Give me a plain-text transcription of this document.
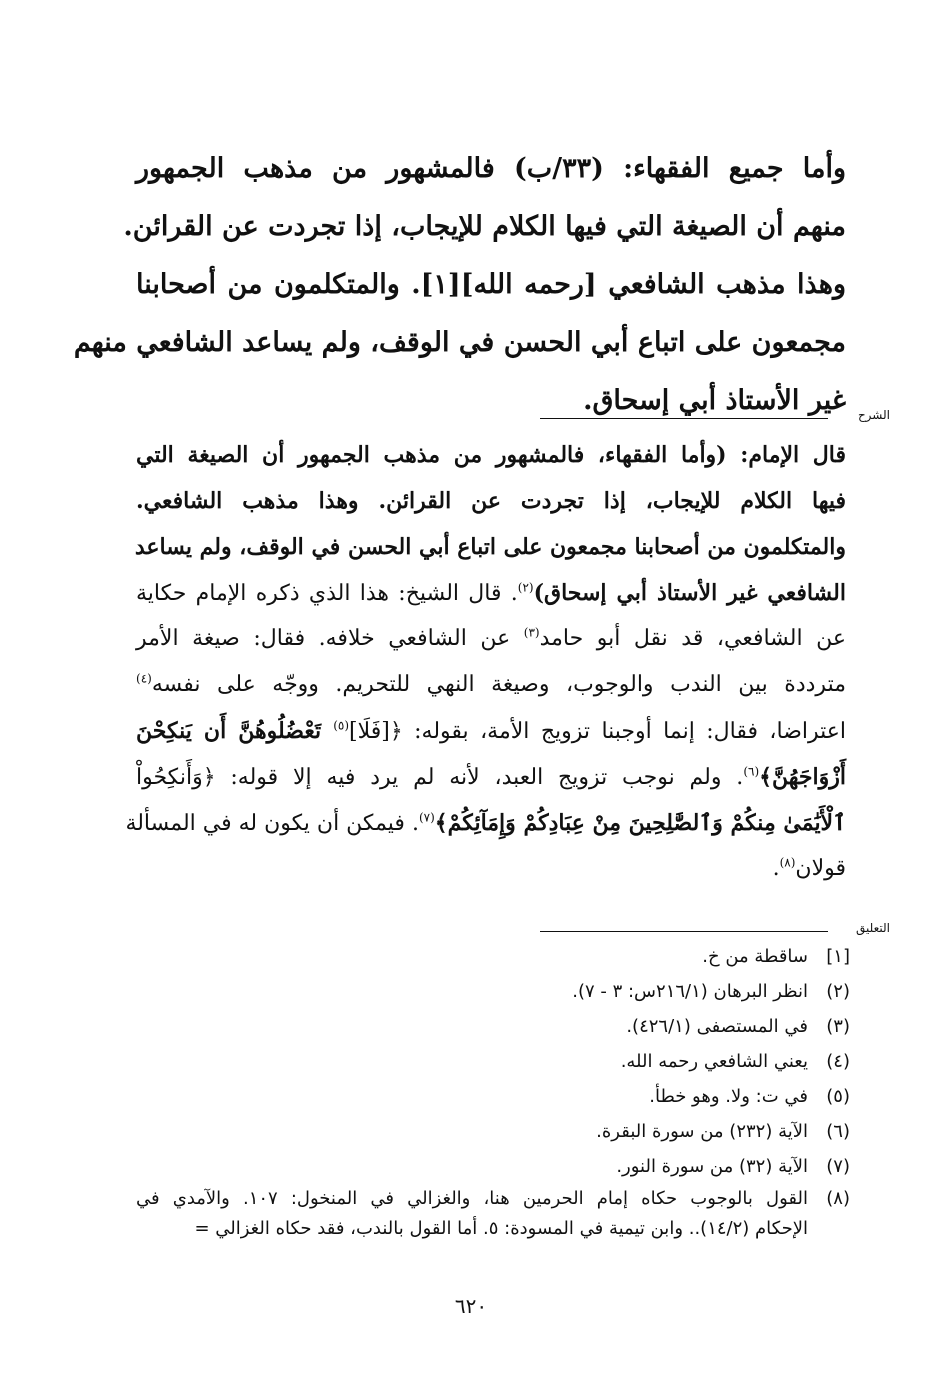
وأما جميع الفقهاء: (٣٣/ب) فالمشهور من مذهب الجمهور
منهم أن الصيغة التي فيها الكلام للإيجاب، إذا تجردت عن القرائن.
وهذا مذهب الشافعي [رحمه الله][١]. والمتكلمون من أصحابنا
مجمعون على اتباع أبي الحسن في الوقف، ولم يساعد الشافعي منهم
غير الأستاذ أبي إسحاق. الشرح
قال الإمام: (وأما الفقهاء، فالمشهور من مذهب الجمهور أن الصيغة التي
فيها الكلام للإيجاب، إذا تجردت عن القرائن. وهذا مذهب الشافعي.
والمتكلمون من أصحابنا مجمعون على اتباع أبي الحسن في الوقف، ولم يساعد
الشافعي غير الأستاذ أبي إسحاق)$^{(٢)}$. قال الشيخ: هذا الذي ذكره الإمام حكاية
عن الشافعي، قد نقل أبو حامد$^{(٣)}$ عن الشافعي خلافه. فقال: صيغة الأمر
مترددة بين الندب والوجوب، وصيغة النهي للتحريم. ووجّه على نفسه$^{(٤)}$
اعتراضا، فقال: إنما أوجبنا تزويج الأمة، بقوله: ﴿[فَلَا]$^{(٥)}$ تَعْضُلُوهُنَّ أَن يَنكِحْنَ
أَزْوَاجَهُنَّ﴾$^{(٦)}$. ولم نوجب تزويج العبد، لأنه لم يرد فيه إلا قوله: ﴿وَأَنكِحُواْ
ٱلْأَيَٰمَىٰ مِنكُمْ وَٱلصَّٰلِحِينَ مِنْ عِبَادِكُمْ وَإِمَآئِكُمْ﴾$^{(٧)}$. فيمكن أن يكون له في المسألة
قولان$^{(٨)}$.
التعليق
[١]
ساقطة من خ.
(٢)
انظر البرهان (٢١٦/١س: ٣ - ٧).
(٣)
في المستصفى (٤٢٦/١).
(٤)
يعني الشافعي رحمه الله.
(٥)
في ت: ولا. وهو خطأ.
(٦)
الآية (٢٣٢) من سورة البقرة.
(٧)
الآية (٣٢) من سورة النور.
(٨)
القول بالوجوب حكاه إمام الحرمين هنا، والغزالي في المنخول: ١٠٧. والآمدي في
الإحكام (١٤/٢).. وابن تيمية في المسودة: ٥. أما القول بالندب، فقد حكاه الغزالي =
٦٢٠
